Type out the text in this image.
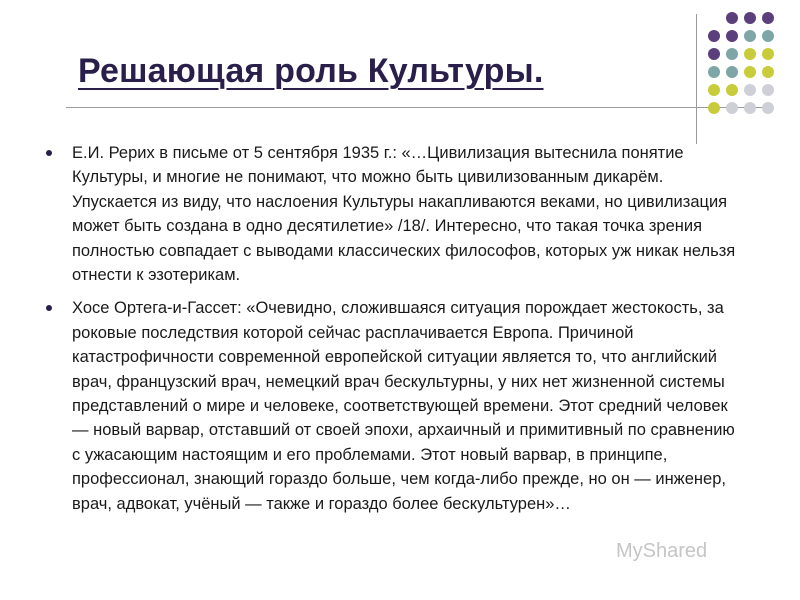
Решающая роль Культуры.
Е.И. Рерих в письме от 5 сентября 1935 г.: «…Цивилизация вытеснила понятие Культуры, и многие не понимают, что можно быть цивилизованным дикарём. Упускается из виду, что наслоения Культуры накапливаются веками, но цивилизация может быть создана в одно десятилетие» /18/. Интересно, что такая точка зрения полностью совпадает с выводами классических философов, которых уж никак нельзя отнести к эзотерикам.
Хосе Ортега-и-Гассет: «Очевидно, сложившаяся ситуация порождает жестокость, за роковые последствия которой сейчас расплачивается Европа. Причиной катастрофичности современной европейской ситуации является то, что английский врач, французский врач, немецкий врач бескультурны, у них нет жизненной системы представлений о мире и человеке, соответствующей времени. Этот средний человек — новый варвар, отставший от своей эпохи, архаичный и примитивный по сравнению с ужасающим настоящим и его проблемами. Этот новый варвар, в принципе, профессионал, знающий гораздо больше, чем когда-либо прежде, но он — инженер, врач, адвокат, учёный — также и гораздо более бескультурен»…
MyShared
